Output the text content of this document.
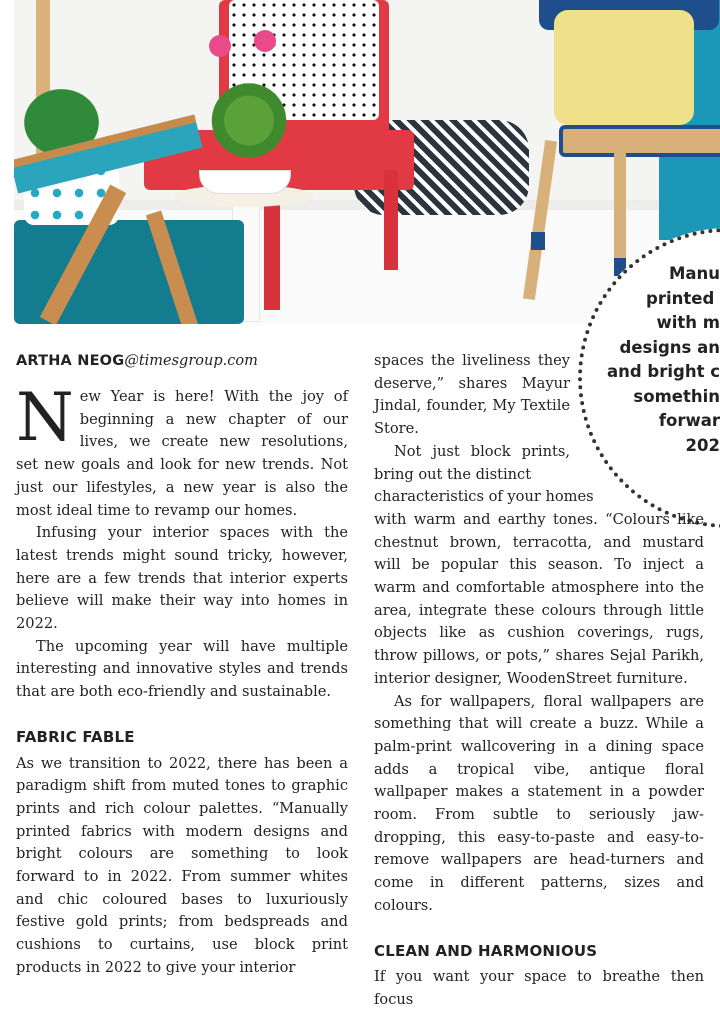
Manu
printed
with m
designs an
and bright c
somethin
forwar
202
ARTHA NEOG@timesgroup.com

New Year is here! With the joy of beginning a new chapter of our lives, we create new resolutions, set new goals and look for new trends. Not just our lifestyles, a new year is also the most ideal time to revamp our homes.

Infusing your interior spaces with the latest trends might sound tricky, however, here are a few trends that interior experts believe will make their way into homes in 2022.

The upcoming year will have multiple interesting and innovative styles and trends that are both eco-friendly and sustainable.

FABRIC FABLE

As we transition to 2022, there has been a paradigm shift from muted tones to graphic prints and rich colour palettes. “Manually printed fabrics with modern designs and bright colours are something to look forward to in 2022. From summer whites and chic coloured bases to luxuriously festive gold prints; from bedspreads and cushions to curtains, use block print products in 2022 to give your interior

spaces the liveliness they deserve,” shares Mayur Jindal, founder, My Textile Store.

Not just block prints, bring out the distinct

characteristics of your homes

with warm and earthy tones. “Colours like chestnut brown, terracotta, and mustard will be popular this season. To inject a warm and comfortable atmosphere into the area, integrate these colours through little objects like as cushion coverings, rugs, throw pillows, or pots,” shares Sejal Parikh, interior designer, WoodenStreet furniture.

As for wallpapers, floral wallpapers are something that will create a buzz. While a palm-print wallcovering in a dining space adds a tropical vibe, antique floral wallpaper makes a statement in a powder room. From subtle to seriously jaw-dropping, this easy-to-paste and easy-to-remove wallpapers are head-turners and come in different patterns, sizes and colours.

CLEAN AND HARMONIOUS

If you want your space to breathe then focus
